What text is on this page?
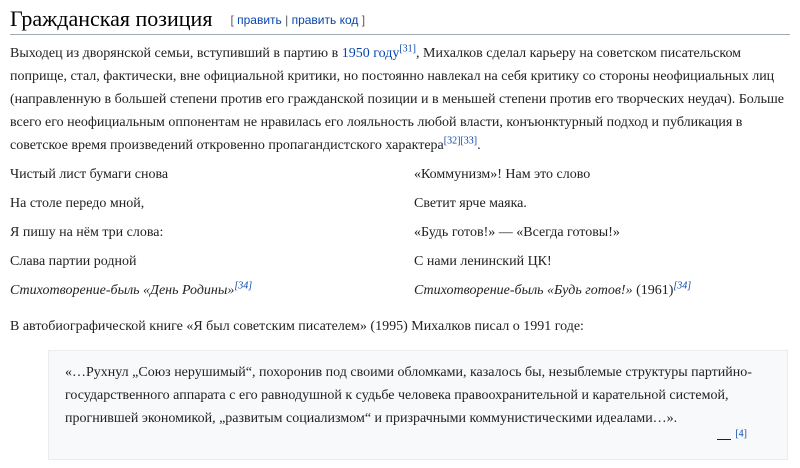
Гражданская позиция [ править | править код ]

Выходец из дворянской семьи, вступивший в партию в 1950 году[31], Михалков сделал карьеру на советском писательском поприще, стал, фактически, вне официальной критики, но постоянно навлекал на себя критику со стороны неофициальных лиц (направленную в большей степени против его гражданской позиции и в меньшей степени против его творческих неудач). Больше всего его неофициальным оппонентам не нравилась его лояльность любой власти, конъюнктурный подход и публикация в советское время произведений откровенно пропагандистского характера[32][33].

Чистый лист бумаги снова
На столе передо мной,
Я пишу на нём три слова:
Слава партии родной
Стихотворение-быль «День Родины»[34]
«Коммунизм»! Нам это слово
Светит ярче маяка.
«Будь готов!» — «Всегда готовы!»
С нами ленинский ЦК!
Стихотворение-быль «Будь готов!» (1961)[34]

В автобиографической книге «Я был советским писателем» (1995) Михалков писал о 1991 годе:

«…Рухнул „Союз нерушимый“, похоронив под своими обломками, казалось бы, незыблемые структуры партийно-государственного аппарата с его равнодушной к судьбе человека правоохранительной и карательной системой, прогнившей экономикой, „развитым социализмом“ и призрачными коммунистическими идеалами…».

[4]
